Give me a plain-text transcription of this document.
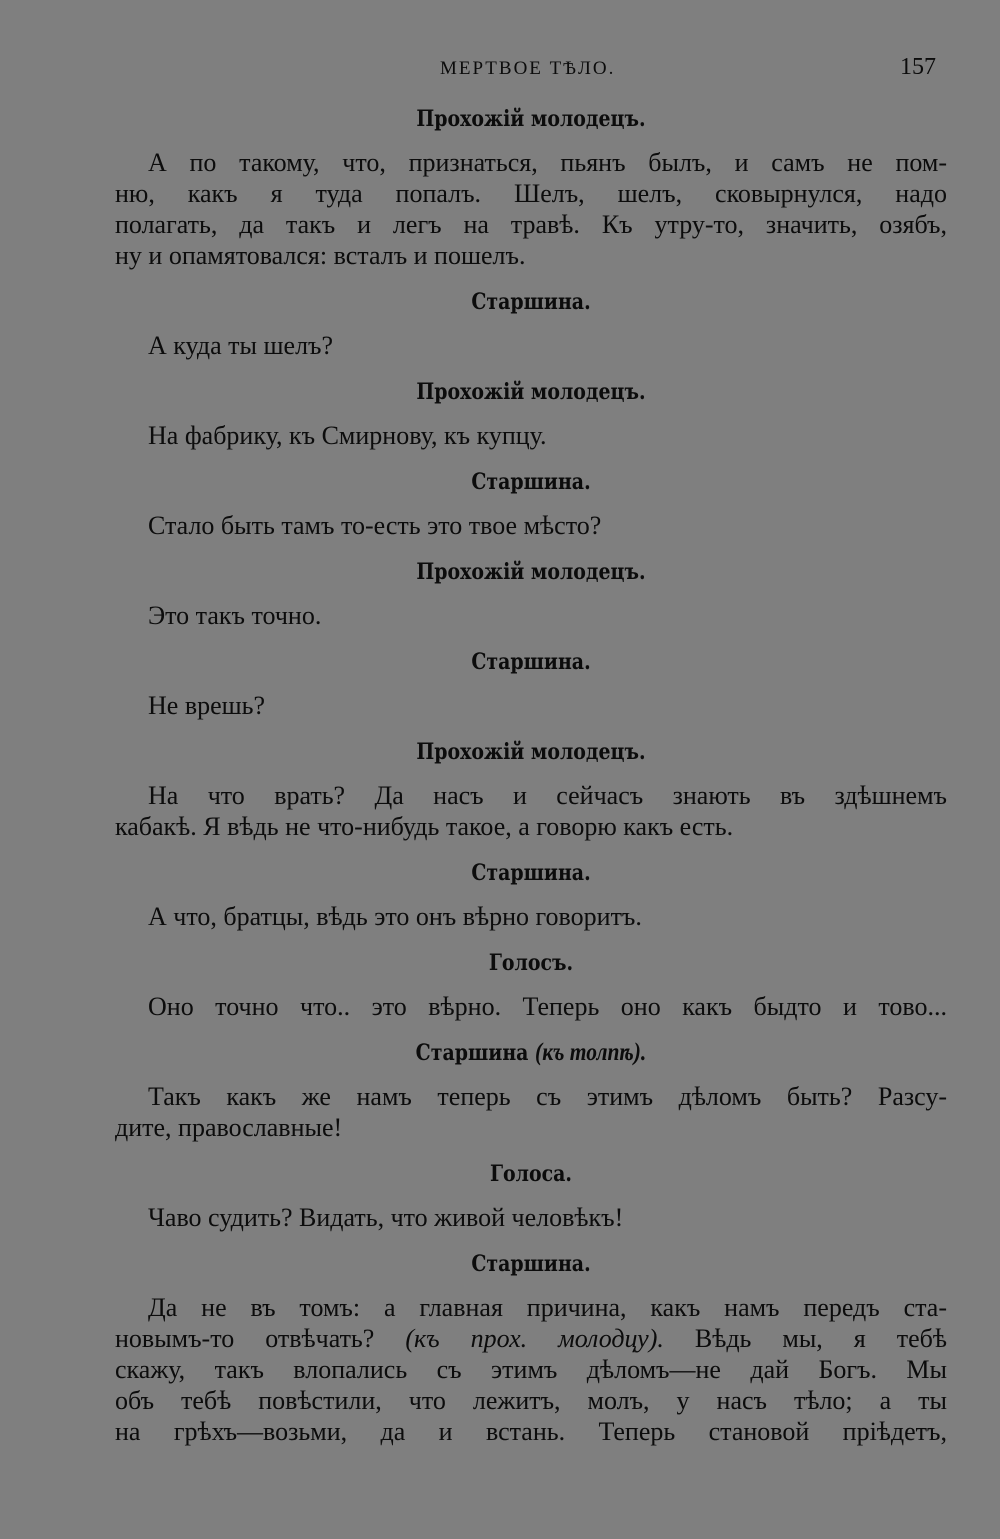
МЕРТВОЕ ТѢЛО.	157
Прохожій молодецъ.
А по такому, что, признаться, пьянъ былъ, и самъ не пом-
ню, какъ я туда попалъ. Шелъ, шелъ, сковырнулся, надо
полагать, да такъ и легъ на травѣ. Къ утру-то, значить, озябъ,
ну и опамятовался: всталъ и пошелъ.
Старшина.
А куда ты шелъ?
Прохожій молодецъ.
На фабрику, къ Смирнову, къ купцу.
Старшина.
Стало быть тамъ то-есть это твое мѣсто?
Прохожій молодецъ.
Это такъ точно.
Старшина.
Не врешь?
Прохожій молодецъ.
На что врать? Да насъ и сейчасъ знають въ здѣшнемъ
кабакѣ. Я вѣдь не что-нибудь такое, а говорю какъ есть.
Старшина.
А что, братцы, вѣдь это онъ вѣрно говоритъ.
Голосъ.
Оно точно что.. это вѣрно. Теперь оно какъ быдто и тово...
Старшина (къ толпѣ).
Такъ какъ же намъ теперь съ этимъ дѣломъ быть? Разсу-
дите, православные!
Голоса.
Чаво судить? Видать, что живой человѣкъ!
Старшина.
Да не въ томъ: а главная причина, какъ намъ передъ ста-
новымъ-то отвѣчать? (къ прох. молодцу). Вѣдь мы, я тебѣ
скажу, такъ влопались съ этимъ дѣломъ—не дай Богъ. Мы
объ тебѣ повѣстили, что лежитъ, молъ, у насъ тѣло; а ты
на грѣхъ—возьми, да и встань. Теперь становой пріѣдетъ,
